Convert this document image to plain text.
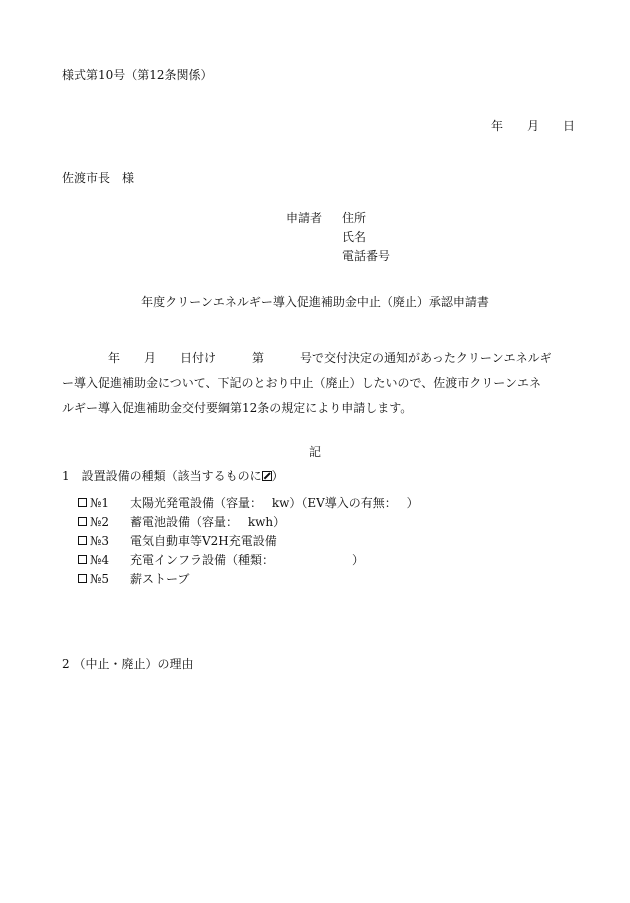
様式第10号（第12条関係）
年　　月　　日
佐渡市長　様
申請者	住所
氏名
電話番号
年度クリーンエネルギー導入促進補助金中止（廃止）承認申請書
年　　月　　日付け　　　第　　　号で交付決定の通知があったクリーンエネルギ
ー導入促進補助金について、下記のとおり中止（廃止）したいので、佐渡市クリーンエネ
ルギー導入促進補助金交付要綱第12条の規定により申請します。
記
1　設置設備の種類（該当するものに ）
№1	太陽光発電設備（容量：　 kw）（EV導入の有無：　 ）
№2	蓄電池設備（容量：　 kwh）
№3	電気自動車等V2H充電設備
№4	充電インフラ設備（種類：　　　　　　　）
№5	薪ストーブ
2 （中止・廃止）の理由
